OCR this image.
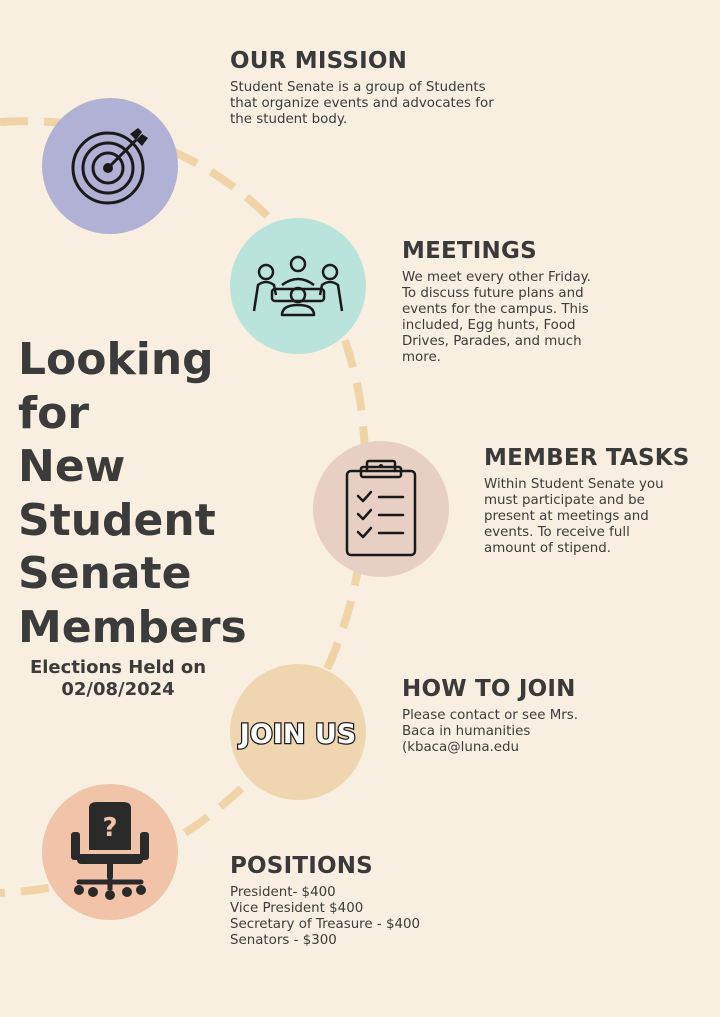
JOIN US
?
Looking
for
New
Student
Senate
Members
Elections Held on
02/08/2024
OUR MISSION

Student Senate is a group of Students
that organize events and advocates for
the student body.

MEETINGS

We meet every other Friday.
To discuss future plans and
events for the campus. This
included, Egg hunts, Food
Drives, Parades, and much
more.

MEMBER TASKS

Within Student Senate you
must participate and be
present at meetings and
events. To receive full
amount of stipend.

HOW TO JOIN

Please contact or see Mrs.
Baca in humanities
(kbaca@luna.edu

POSITIONS

President- $400
Vice President $400
Secretary of Treasure - $400
Senators - $300
